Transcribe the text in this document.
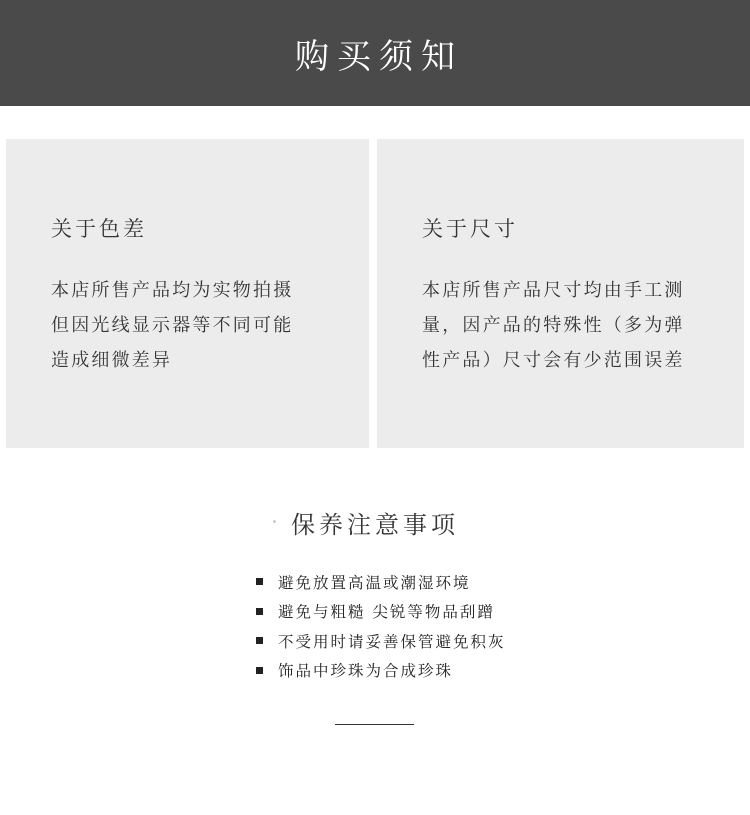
购买须知
关于色差
本店所售产品均为实物拍摄
但因光线显示器等不同可能
造成细微差异
关于尺寸
本店所售产品尺寸均由手工测
量，因产品的特殊性（多为弹
性产品）尺寸会有少范围误差
保养注意事项
避免放置高温或潮湿环境
避免与粗糙 尖锐等物品刮蹭
不受用时请妥善保管避免积灰
饰品中珍珠为合成珍珠
